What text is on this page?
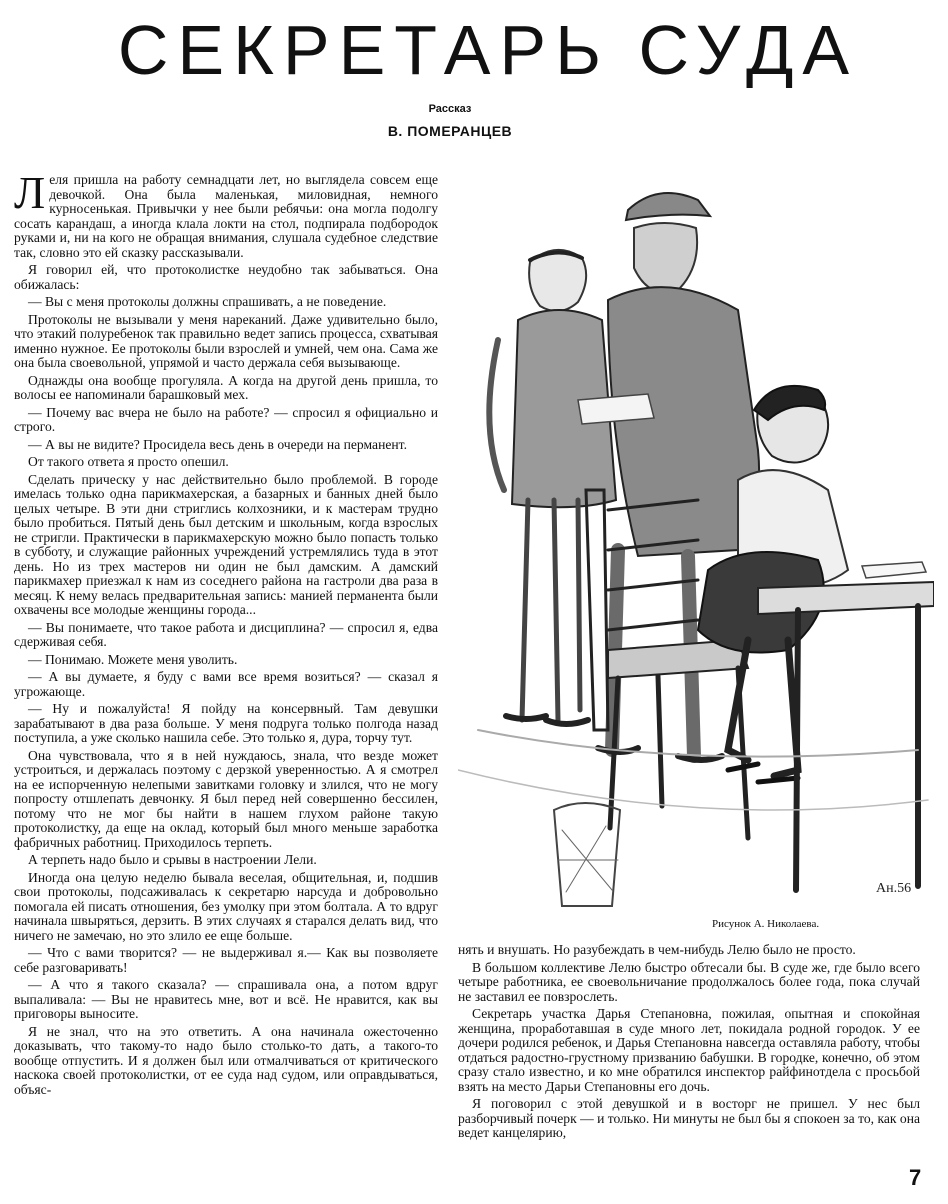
СЕКРЕТАРЬ СУДА
Рассказ
В. ПОМЕРАНЦЕВ

Леля пришла на работу семнадцати лет, но выглядела совсем еще девочкой. Она была маленькая, миловидная, немного курносенькая. Привычки у нее были ребячьи: она могла подолгу сосать карандаш, а иногда клала локти на стол, подпирала подбородок руками и, ни на кого не обращая внимания, слушала судебное следствие так, словно это ей сказку рассказывали.

Я говорил ей, что протоколистке неудобно так забываться. Она обижалась:

— Вы с меня протоколы должны спрашивать, а не поведение.

Протоколы не вызывали у меня нареканий. Даже удивительно было, что этакий полуребенок так правильно ведет запись процесса, схватывая именно нужное. Ее протоколы были взрослей и умней, чем она. Сама же она была своевольной, упрямой и часто держала себя вызывающе.

Однажды она вообще прогуляла. А когда на другой день пришла, то волосы ее напоминали барашковый мех.

— Почему вас вчера не было на работе? — спросил я официально и строго.

— А вы не видите? Просидела весь день в очереди на перманент.

От такого ответа я просто опешил.

Сделать прическу у нас действительно было проблемой. В городе имелась только одна парикмахерская, а базарных и банных дней было целых четыре. В эти дни стриглись колхозники, и к мастерам трудно было пробиться. Пятый день был детским и школьным, когда взрослых не стригли. Практически в парикмахерскую можно было попасть только в субботу, и служащие районных учреждений устремлялись туда в этот день. Но из трех мастеров ни один не был дамским. А дамский парикмахер приезжал к нам из соседнего района на гастроли два раза в месяц. К нему велась предварительная запись: манией перманента были охвачены все молодые женщины города...

— Вы понимаете, что такое работа и дисциплина? — спросил я, едва сдерживая себя.

— Понимаю. Можете меня уволить.

— А вы думаете, я буду с вами все время возиться? — сказал я угрожающе.

— Ну и пожалуйста! Я пойду на консервный. Там девушки зарабатывают в два раза больше. У меня подруга только полгода назад поступила, а уже сколько нашила себе. Это только я, дура, торчу тут.

Она чувствовала, что я в ней нуждаюсь, знала, что везде может устроиться, и держалась поэтому с дерзкой уверенностью. А я смотрел на ее испорченную нелепыми завитками головку и злился, что не могу попросту отшлепать девчонку. Я был перед ней совершенно бессилен, потому что не мог бы найти в нашем глухом районе такую протоколистку, да еще на оклад, который был много меньше заработка фабричных работниц. Приходилось терпеть.

А терпеть надо было и срывы в настроении Лели.

Иногда она целую неделю бывала веселая, общительная, и, подшив свои протоколы, подсаживалась к секретарю нарсуда и добровольно помогала ей писать отношения, без умолку при этом болтала. А то вдруг начинала швыряться, дерзить. В этих случаях я старался делать вид, что ничего не замечаю, но это злило ее еще больше.

— Что с вами творится? — не выдерживал я.— Как вы позволяете себе разговаривать!

— А что я такого сказала? — спрашивала она, а потом вдруг выпаливала: — Вы не нравитесь мне, вот и всё. Не нравится, как вы приговоры выносите.

Я не знал, что на это ответить. А она начинала ожесточенно доказывать, что такому-то надо было столько-то дать, а такого-то вообще отпустить. И я должен был или отмалчиваться от критического наскока своей протоколистки, от ее суда над судом, или оправдываться, объяс-

Ан.56
Рисунок А. Николаева.

нять и внушать. Но разубеждать в чем-нибудь Лелю было не просто.

В большом коллективе Лелю быстро обтесали бы. В суде же, где было всего четыре работника, ее своевольничание продолжалось более года, пока случай не заставил ее повзрослеть.

Секретарь участка Дарья Степановна, пожилая, опытная и спокойная женщина, проработавшая в суде много лет, покидала родной городок. У ее дочери родился ребенок, и Дарья Степановна навсегда оставляла работу, чтобы отдаться радостно-грустному призванию бабушки. В городке, конечно, об этом сразу стало известно, и ко мне обратился инспектор райфинотдела с просьбой взять на место Дарьи Степановны его дочь.

Я поговорил с этой девушкой и в восторг не пришел. У нес был разборчивый почерк — и только. Ни минуты не был бы я спокоен за то, как она ведет канцелярию,

7
